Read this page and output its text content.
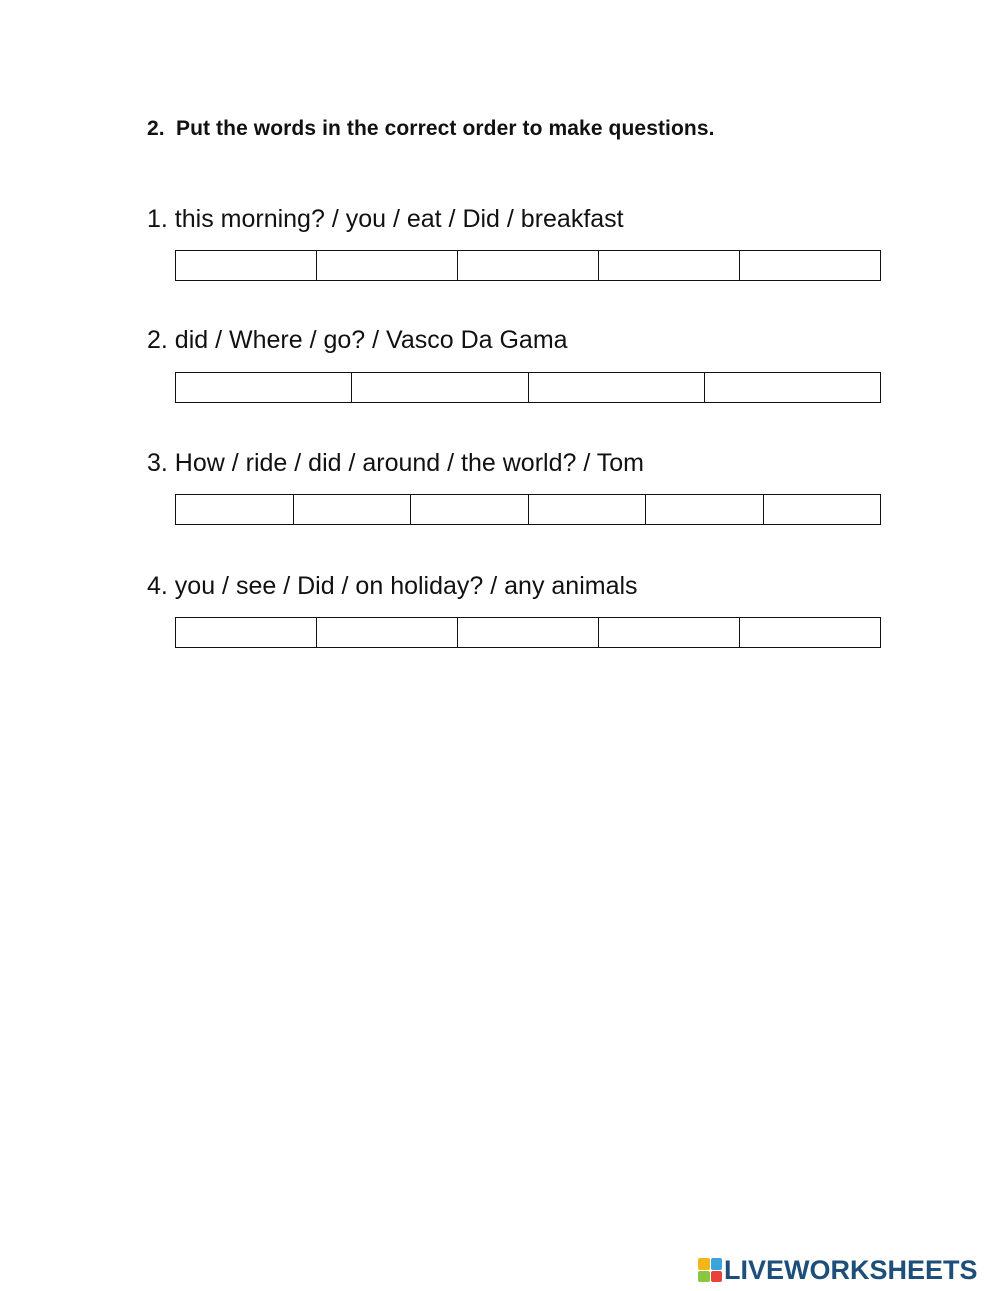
2. Put the words in the correct order to make questions.
1. this morning? / you / eat / Did / breakfast
2. did / Where / go? / Vasco Da Gama
3. How / ride / did / around / the world? / Tom
4. you / see / Did / on holiday? / any animals
LIVEWORKSHEETS
